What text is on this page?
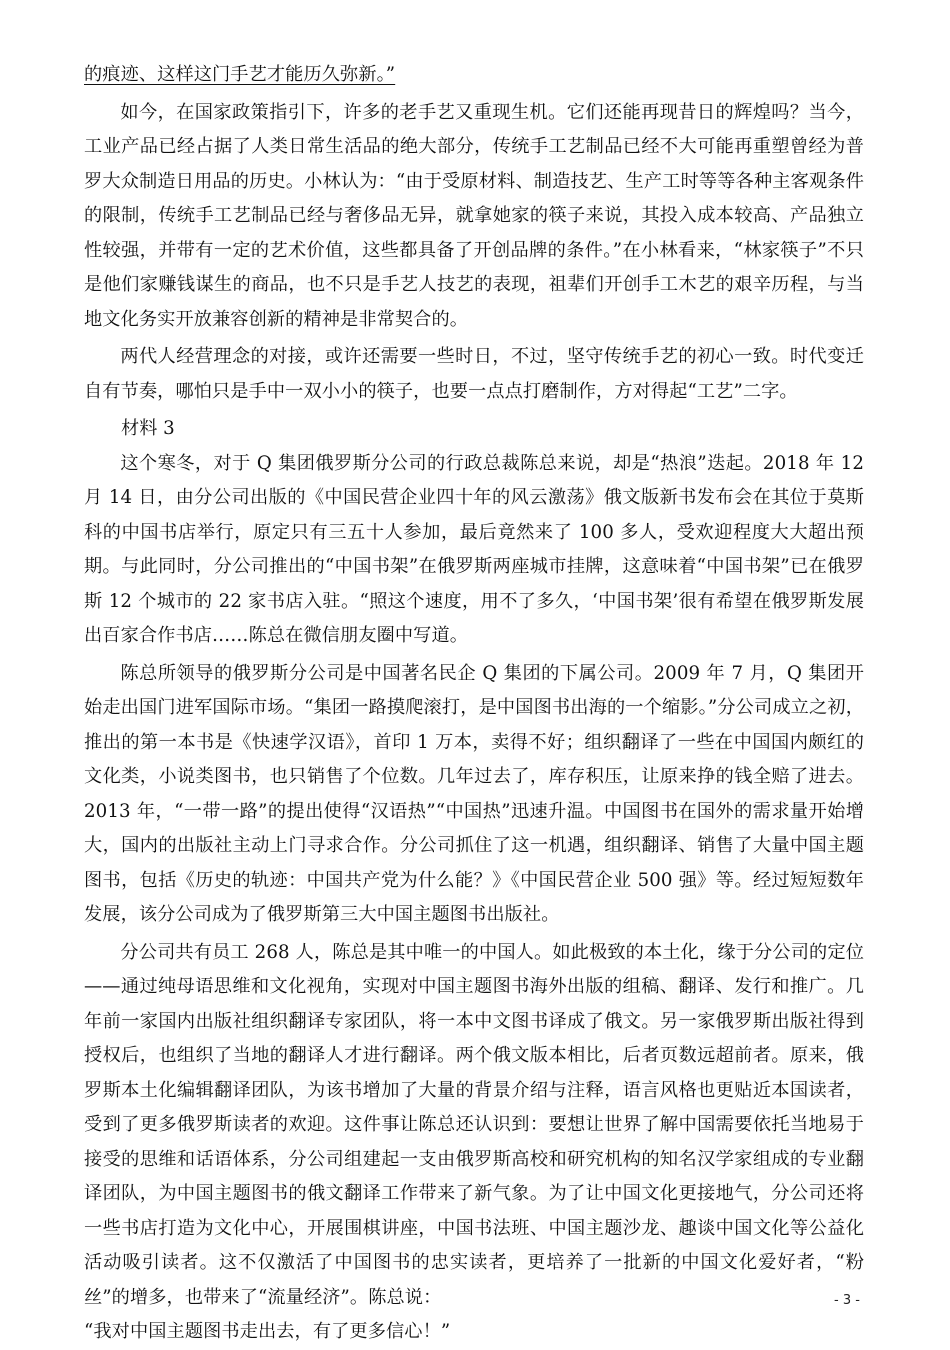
的痕迹、这样这门手艺才能历久弥新。”

如今，在国家政策指引下，许多的老手艺又重现生机。它们还能再现昔日的辉煌吗？当今，工业产品已经占据了人类日常生活品的绝大部分，传统手工艺制品已经不大可能再重塑曾经为普罗大众制造日用品的历史。小林认为：“由于受原材料、制造技艺、生产工时等等各种主客观条件的限制，传统手工艺制品已经与奢侈品无异，就拿她家的筷子来说，其投入成本较高、产品独立性较强，并带有一定的艺术价值，这些都具备了开创品牌的条件。”在小林看来，“林家筷子”不只是他们家赚钱谋生的商品，也不只是手艺人技艺的表现，祖辈们开创手工木艺的艰辛历程，与当地文化务实开放兼容创新的精神是非常契合的。

两代人经营理念的对接，或许还需要一些时日，不过，坚守传统手艺的初心一致。时代变迁自有节奏，哪怕只是手中一双小小的筷子，也要一点点打磨制作，方对得起“工艺”二字。

材料 3

这个寒冬，对于 Q 集团俄罗斯分公司的行政总裁陈总来说，却是“热浪”迭起。2018 年 12 月 14 日，由分公司出版的《中国民营企业四十年的风云激荡》俄文版新书发布会在其位于莫斯科的中国书店举行，原定只有三五十人参加，最后竟然来了 100 多人，受欢迎程度大大超出预期。与此同时，分公司推出的“中国书架”在俄罗斯两座城市挂牌，这意味着“中国书架”已在俄罗斯 12 个城市的 22 家书店入驻。“照这个速度，用不了多久，‘中国书架’很有希望在俄罗斯发展出百家合作书店……陈总在微信朋友圈中写道。

陈总所领导的俄罗斯分公司是中国著名民企 Q 集团的下属公司。2009 年 7 月，Q 集团开始走出国门进军国际市场。“集团一路摸爬滚打，是中国图书出海的一个缩影。”分公司成立之初，推出的第一本书是《快速学汉语》，首印 1 万本，卖得不好；组织翻译了一些在中国国内颇红的文化类，小说类图书，也只销售了个位数。几年过去了，库存积压，让原来挣的钱全赔了进去。2013 年，“一带一路”的提出使得“汉语热”“中国热”迅速升温。中国图书在国外的需求量开始增大，国内的出版社主动上门寻求合作。分公司抓住了这一机遇，组织翻译、销售了大量中国主题图书，包括《历史的轨迹：中国共产党为什么能？》《中国民营企业 500 强》等。经过短短数年发展，该分公司成为了俄罗斯第三大中国主题图书出版社。

分公司共有员工 268 人，陈总是其中唯一的中国人。如此极致的本土化，缘于分公司的定位——通过纯母语思维和文化视角，实现对中国主题图书海外出版的组稿、翻译、发行和推广。几年前一家国内出版社组织翻译专家团队，将一本中文图书译成了俄文。另一家俄罗斯出版社得到授权后，也组织了当地的翻译人才进行翻译。两个俄文版本相比，后者页数远超前者。原来，俄罗斯本土化编辑翻译团队，为该书增加了大量的背景介绍与注释，语言风格也更贴近本国读者，受到了更多俄罗斯读者的欢迎。这件事让陈总还认识到：要想让世界了解中国需要依托当地易于接受的思维和话语体系，分公司组建起一支由俄罗斯高校和研究机构的知名汉学家组成的专业翻译团队，为中国主题图书的俄文翻译工作带来了新气象。为了让中国文化更接地气，分公司还将一些书店打造为文化中心，开展围棋讲座，中国书法班、中国主题沙龙、趣谈中国文化等公益化活动吸引读者。这不仅激活了中国图书的忠实读者，更培养了一批新的中国文化爱好者，“粉丝”的增多，也带来了“流量经济”。陈总说：

“我对中国主题图书走出去，有了更多信心！”

- 3 -
